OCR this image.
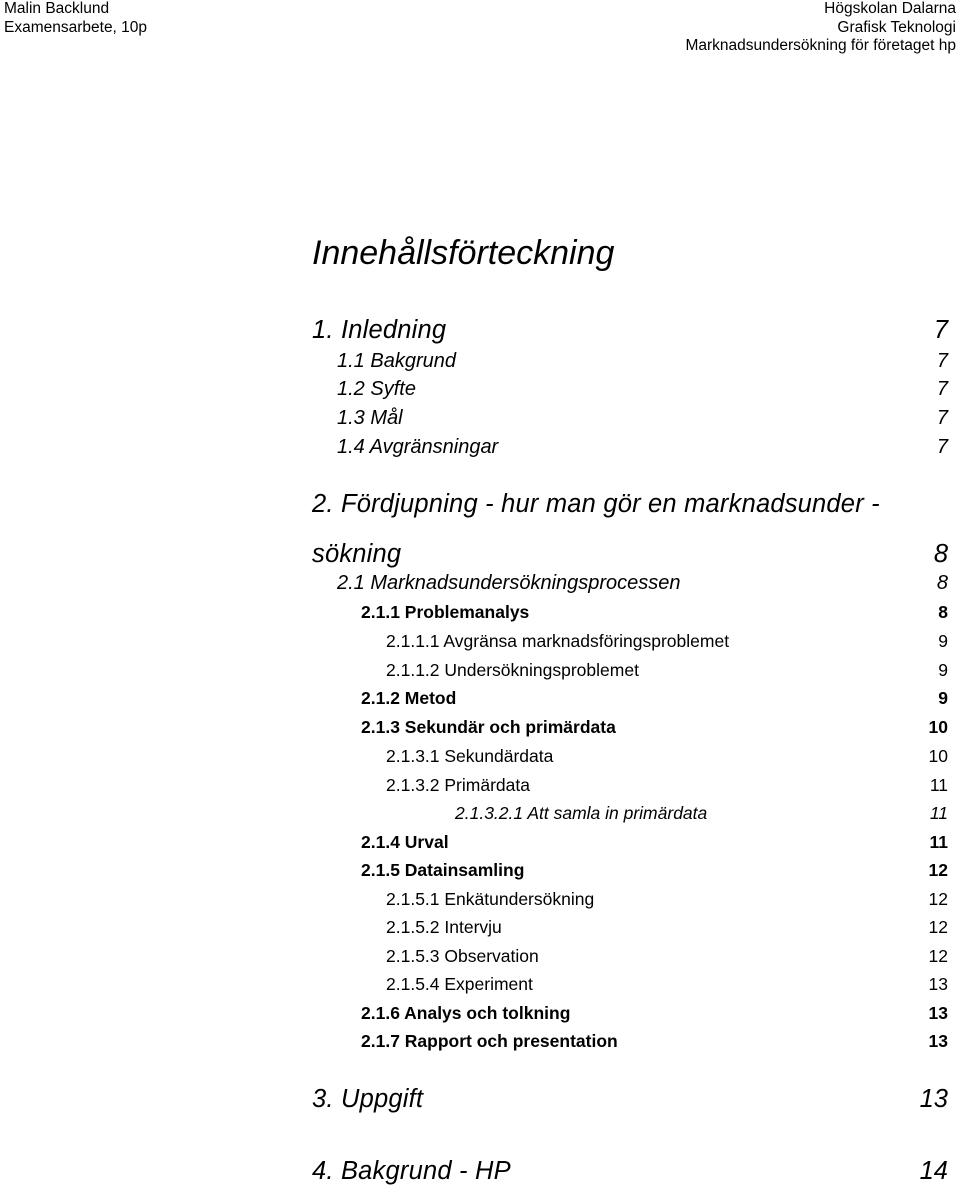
Malin Backlund
Examensarbete, 10p
Högskolan Dalarna
Grafisk Teknologi
Marknadsundersökning för företaget hp
Innehållsförteckning
1. Inledning	7
1.1 Bakgrund	7
1.2 Syfte	7
1.3 Mål	7
1.4 Avgränsningar	7
2. Fördjupning - hur man gör en marknadsunder -
sökning	8
2.1 Marknadsundersökningsprocessen	8
2.1.1 Problemanalys	8
2.1.1.1 Avgränsa marknadsföringsproblemet	9
2.1.1.2 Undersökningsproblemet	9
2.1.2 Metod	9
2.1.3 Sekundär och primärdata	10
2.1.3.1 Sekundärdata	10
2.1.3.2 Primärdata	11
2.1.3.2.1 Att samla in primärdata	11
2.1.4 Urval	11
2.1.5 Datainsamling	12
2.1.5.1 Enkätundersökning	12
2.1.5.2 Intervju	12
2.1.5.3 Observation	12
2.1.5.4 Experiment	13
2.1.6 Analys och tolkning	13
2.1.7 Rapport och presentation	13
3. Uppgift	13
4. Bakgrund - HP	14
